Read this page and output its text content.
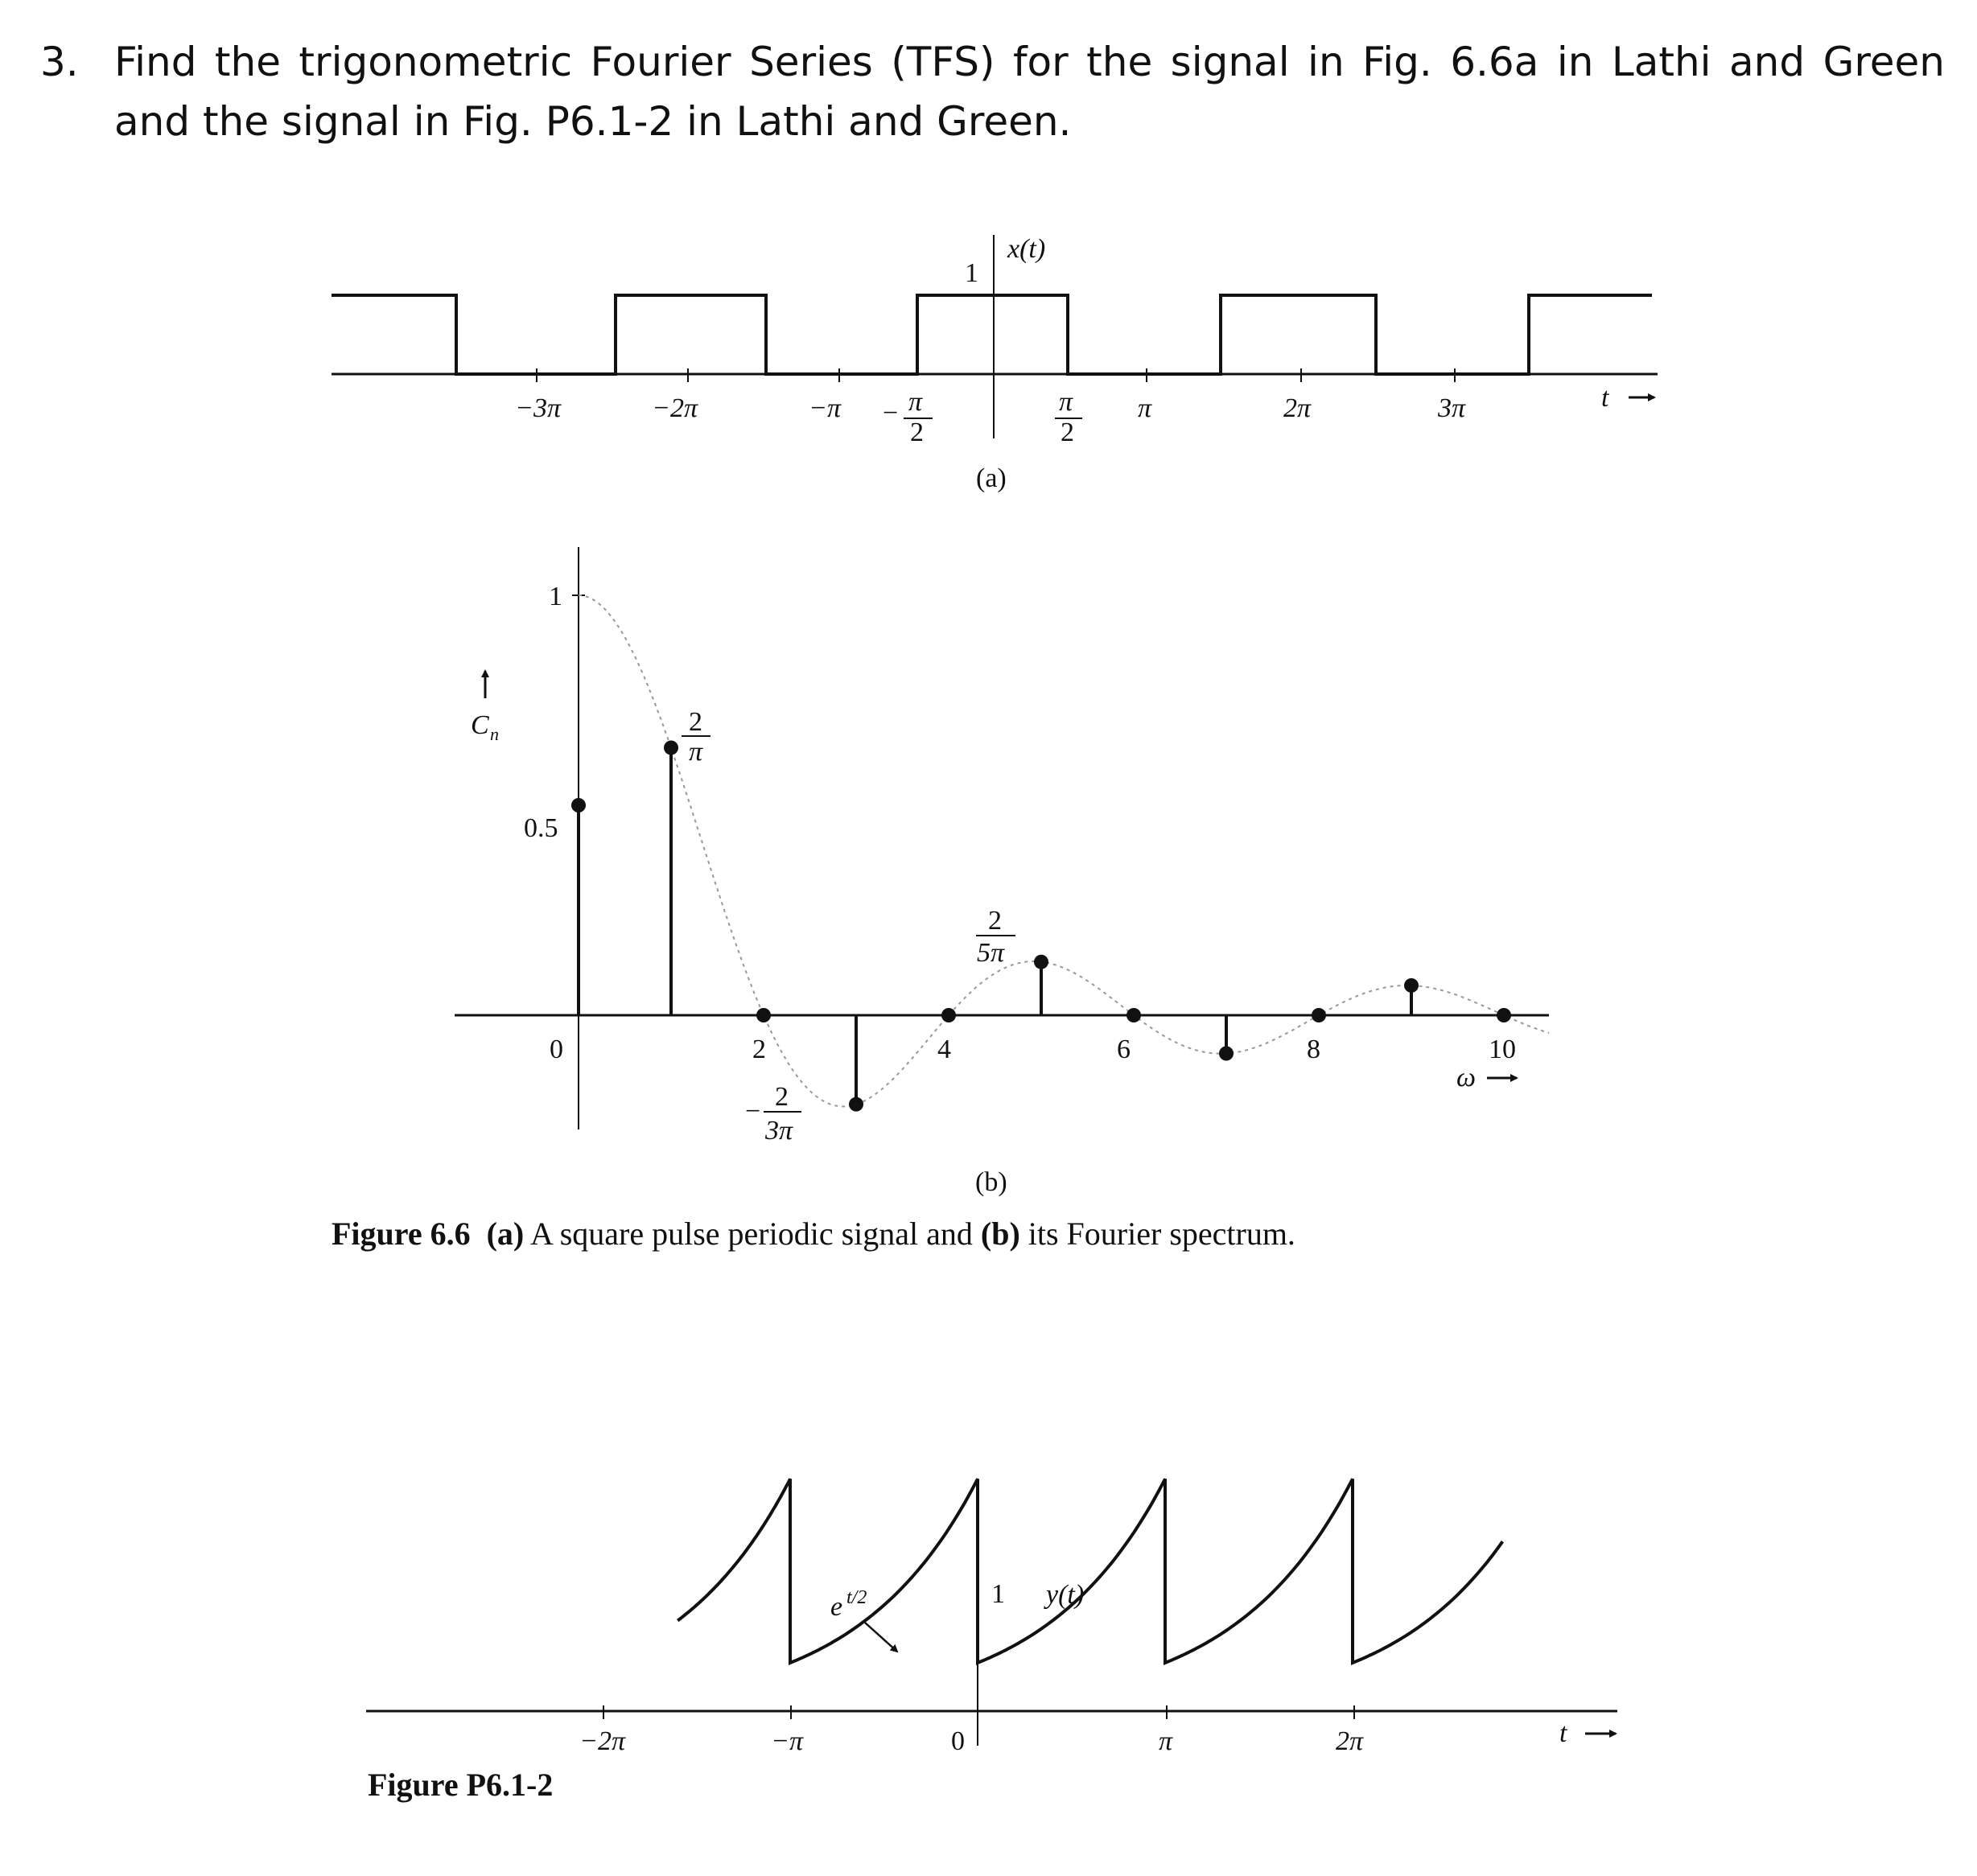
3. Find the trigonometric Fourier Series (TFS) for the signal in Fig. 6.6a in Lathi and Green and the signal in Fig. P6.1-2 in Lathi and Green.
−3π	−2π	−π − π
2
π
2
π	2π	3π
1
x(t)
t
(a)
1
0.5
0	2	4	6	8	10
2
π
2
5π
− 2
3π
C n
ω
(b)
−2π	−π	0	π	2π
1 y(t)
e t/2
t
Figure 6.6 (a) A square pulse periodic signal and (b) its Fourier spectrum.
Figure P6.1-2
